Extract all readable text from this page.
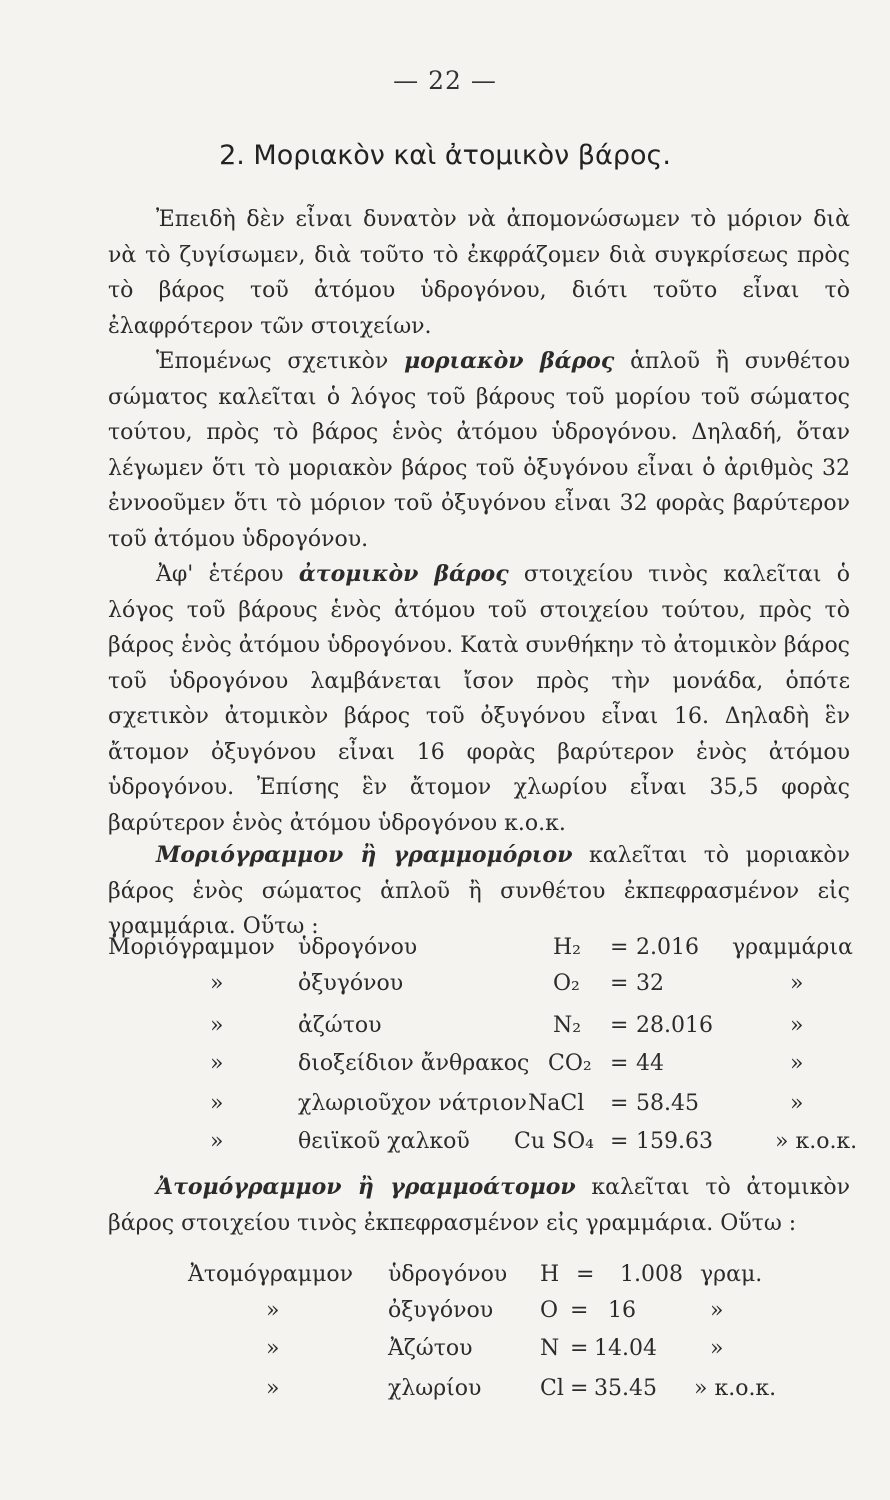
— 22 —
2. Μοριακὸν καὶ ἀτομικὸν βάρος.

Ἐπειδὴ δὲν εἶναι δυνατὸν νὰ ἀπομονώσωμεν τὸ μόριον διὰ νὰ τὸ ζυγίσωμεν, διὰ τοῦτο τὸ ἐκφράζομεν διὰ συγκρίσεως πρὸς τὸ βάρος τοῦ ἀτόμου ὑδρογόνου, διότι τοῦτο εἶναι τὸ ἐλαφρότερον τῶν στοιχείων.

Ἑπομένως σχετικὸν μοριακὸν βάρος ἁπλοῦ ἢ συνθέτου σώματος καλεῖται ὁ λόγος τοῦ βάρους τοῦ μορίου τοῦ σώματος τούτου, πρὸς τὸ βάρος ἑνὸς ἀτόμου ὑδρογόνου. Δηλαδή, ὅταν λέγωμεν ὅτι τὸ μοριακὸν βάρος τοῦ ὀξυγόνου εἶναι ὁ ἀριθμὸς 32 ἐννοοῦμεν ὅτι τὸ μόριον τοῦ ὀξυγόνου εἶναι 32 φορὰς βαρύτερον τοῦ ἀτόμου ὑδρογόνου.

Ἀφ' ἑτέρου ἀτομικὸν βάρος στοιχείου τινὸς καλεῖται ὁ λόγος τοῦ βάρους ἑνὸς ἀτόμου τοῦ στοιχείου τούτου, πρὸς τὸ βάρος ἑνὸς ἀτόμου ὑδρογόνου. Κατὰ συνθήκην τὸ ἀτομικὸν βάρος τοῦ ὑδρογόνου λαμβάνεται ἴσον πρὸς τὴν μονάδα, ὁπότε σχετικὸν ἀτομικὸν βάρος τοῦ ὀξυγόνου εἶναι 16. Δηλαδὴ ἓν ἄτομον ὀξυγόνου εἶναι 16 φορὰς βαρύτερον ἑνὸς ἀτόμου ὑδρογόνου. Ἐπίσης ἓν ἄτομον χλωρίου εἶναι 35,5 φορὰς βαρύτερον ἑνὸς ἀτόμου ὑδρογόνου κ.ο.κ.

Μοριόγραμμον ἢ γραμμομόριον καλεῖται τὸ μοριακὸν βάρος ἑνὸς σώματος ἁπλοῦ ἢ συνθέτου ἐκπεφρασμένον εἰς γραμμάρια. Οὕτω :

Μοριόγραμμον ὑδρογόνου	H₂ = 2.016 γραμμάρια
»	ὀξυγόνου	O₂ = 32	»
»	ἀζώτου	N₂ = 28.016	»
»	διοξείδιον ἄνθρακος CO₂ = 44	»
»	χλωριοῦχον νάτριον NaCl = 58.45	»
»	θειϊκοῦ χαλκοῦ Cu SO₄ = 159.63	» κ.ο.κ.

Ἀτομόγραμμον ἢ γραμμοάτομον καλεῖται τὸ ἀτομικὸν βάρος στοιχείου τινὸς ἐκπεφρασμένον εἰς γραμμάρια. Οὕτω :

Ἀτομόγραμμον ὑδρογόνου H = 1.008 γραμ.
»	ὀξυγόνου O = 16	»
»	Ἀζώτου	N = 14.04 »
»	χλωρίου	Cl = 35.45 » κ.ο.κ.
